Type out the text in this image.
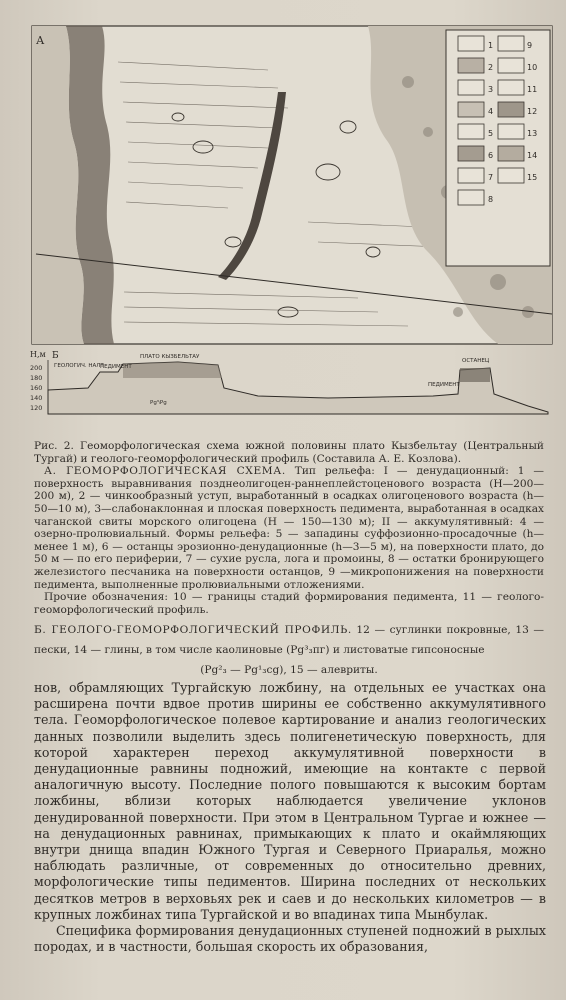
А	1
2
3
4
5
6
7
8
9
10
11
12
13
14
15
Н,м
200
180
160
140
120
Б
ГЕОЛОГИЧ. НАЛТ
ПЕДИМЕНТ
ПЛАТО КЫЗБЕЛЬТАУ
ОСТАНЕЦ
ПЕДИМЕНТ
Pg³ₗPg

Рис. 2. Геоморфологическая схема южной половины плато Кызбельтау (Центральный Тургай) и геолого-геоморфологический профиль (Составила А. Е. Козлова).

А. ГЕОМОРФОЛОГИЧЕСКАЯ СХЕМА. Тип рельефа: I — денудационный: 1 — поверхность выравнивания позднеолигоцен-раннеплейстоценового возраста (Н—200—200 м), 2 — чинкообразный уступ, выработанный в осадках олигоценового возраста (h—50—10 м), 3—слабонаклонная и плоская поверхность педимента, выработанная в осадках чаганской свиты морского олигоцена (Н — 150—130 м); II — аккумулятивный: 4 — озерно-пролювиальный. Формы рельефа: 5 — западины суффозионно-просадочные (h—менее 1 м), 6 — останцы эрозионно-денудационные (h—3—5 м), на поверхности плато, до 50 м — по его периферии, 7 — сухие русла, лога и промоины, 8 — остатки бронирующего железистого песчаника на поверхности останцов, 9 —микропонижения на поверхности педимента, выполненные пролювиальными отложениями.

Прочие обозначения: 10 — границы стадий формирования педимента, 11 — геолого-геоморфологический профиль.

Б. ГЕОЛОГО-ГЕОМОРФОЛОГИЧЕСКИЙ ПРОФИЛЬ. 12 — суглинки покровные, 13 — пески, 14 — глины, в том числе каолиновые (Pg³₃пг) и листоватые гипсоносные
(Pg²₃ — Pg¹₃cg), 15 — алевриты.

нов, обрамляющих Тургайскую ложбину, на отдельных ее участках она расширена почти вдвое против ширины ее собственно аккумулятивного тела. Геоморфологическое полевое картирование и анализ геологических данных позволили выделить здесь полигенетическую поверхность, для которой характерен переход аккумулятивной поверхности в денудационные равнины подножий, имеющие на контакте с первой аналогичную высоту. Последние полого повышаются к высоким бортам ложбины, вблизи которых наблюдается увеличение уклонов денудированной поверхности. При этом в Центральном Тургае и южнее — на денудационных равнинах, примыкающих к плато и окаймляющих внутри днища впадин Южного Тургая и Северного Приаралья, можно наблюдать различные, от современных до относительно древних, морфологические типы педиментов. Ширина последних от нескольких десятков метров в верховьях рек и саев и до нескольких километров — в крупных ложбинах типа Тургайской и во впадинах типа Мынбулак.

Специфика формирования денудационных ступеней подножий в рыхлых породах, и в частности, большая скорость их образования,
